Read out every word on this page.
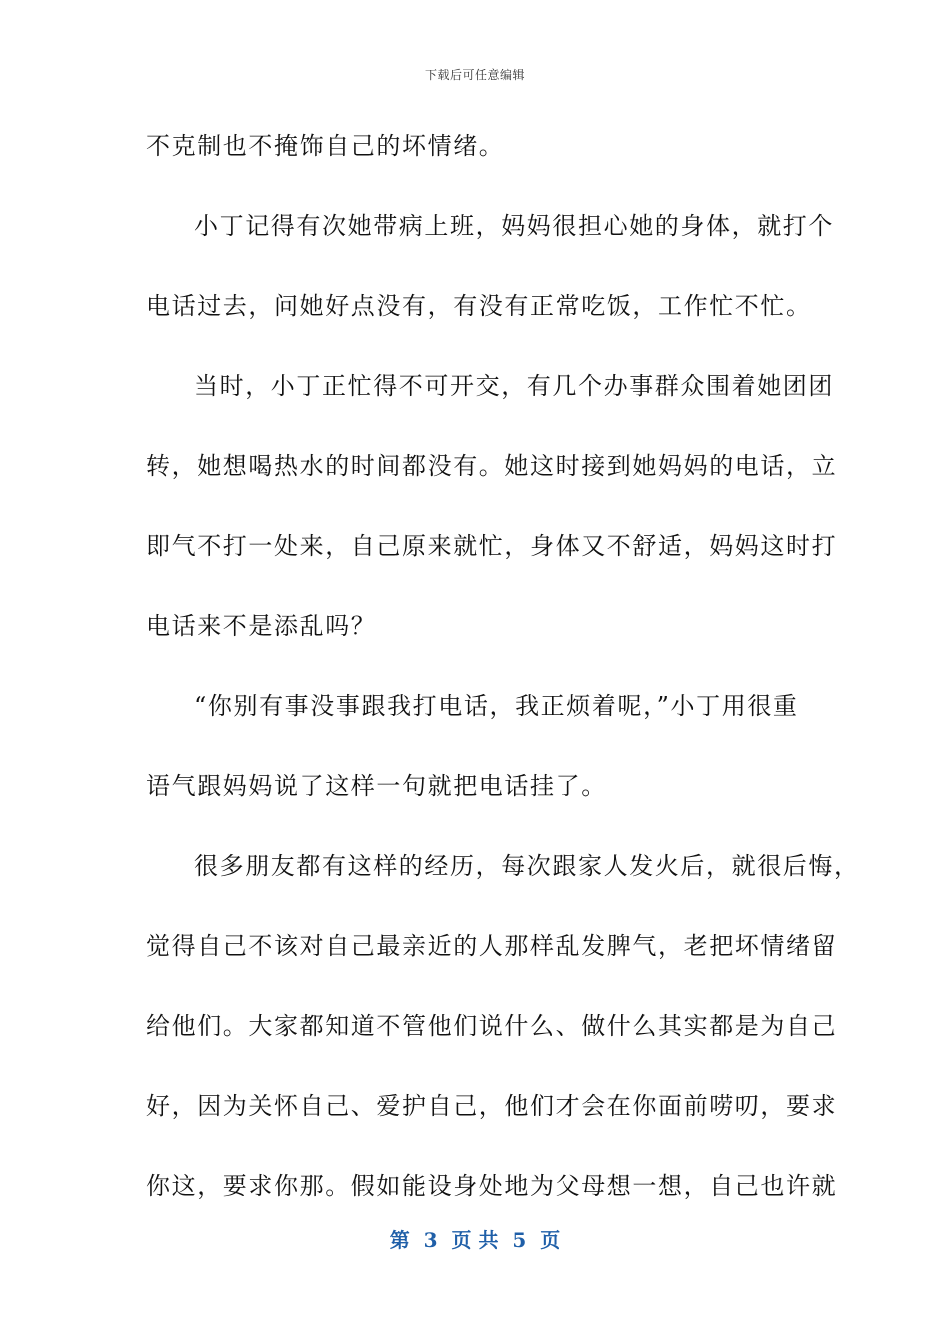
下载后可任意编辑
不克制也不掩饰自己的坏情绪。
小丁记得有次她带病上班，妈妈很担心她的身体，就打个
电话过去，问她好点没有，有没有正常吃饭，工作忙不忙。
当时，小丁正忙得不可开交，有几个办事群众围着她团团
转，她想喝热水的时间都没有。她这时接到她妈妈的电话，立
即气不打一处来，自己原来就忙，身体又不舒适，妈妈这时打
电话来不是添乱吗？
“你别有事没事跟我打电话，我正烦着呢，”小丁用很重
语气跟妈妈说了这样一句就把电话挂了。
很多朋友都有这样的经历，每次跟家人发火后，就很后悔，
觉得自己不该对自己最亲近的人那样乱发脾气，老把坏情绪留
给他们。大家都知道不管他们说什么、做什么其实都是为自己
好，因为关怀自己、爱护自己，他们才会在你面前唠叨，要求
你这，要求你那。假如能设身处地为父母想一想，自己也许就
第  3  页 共  5  页
